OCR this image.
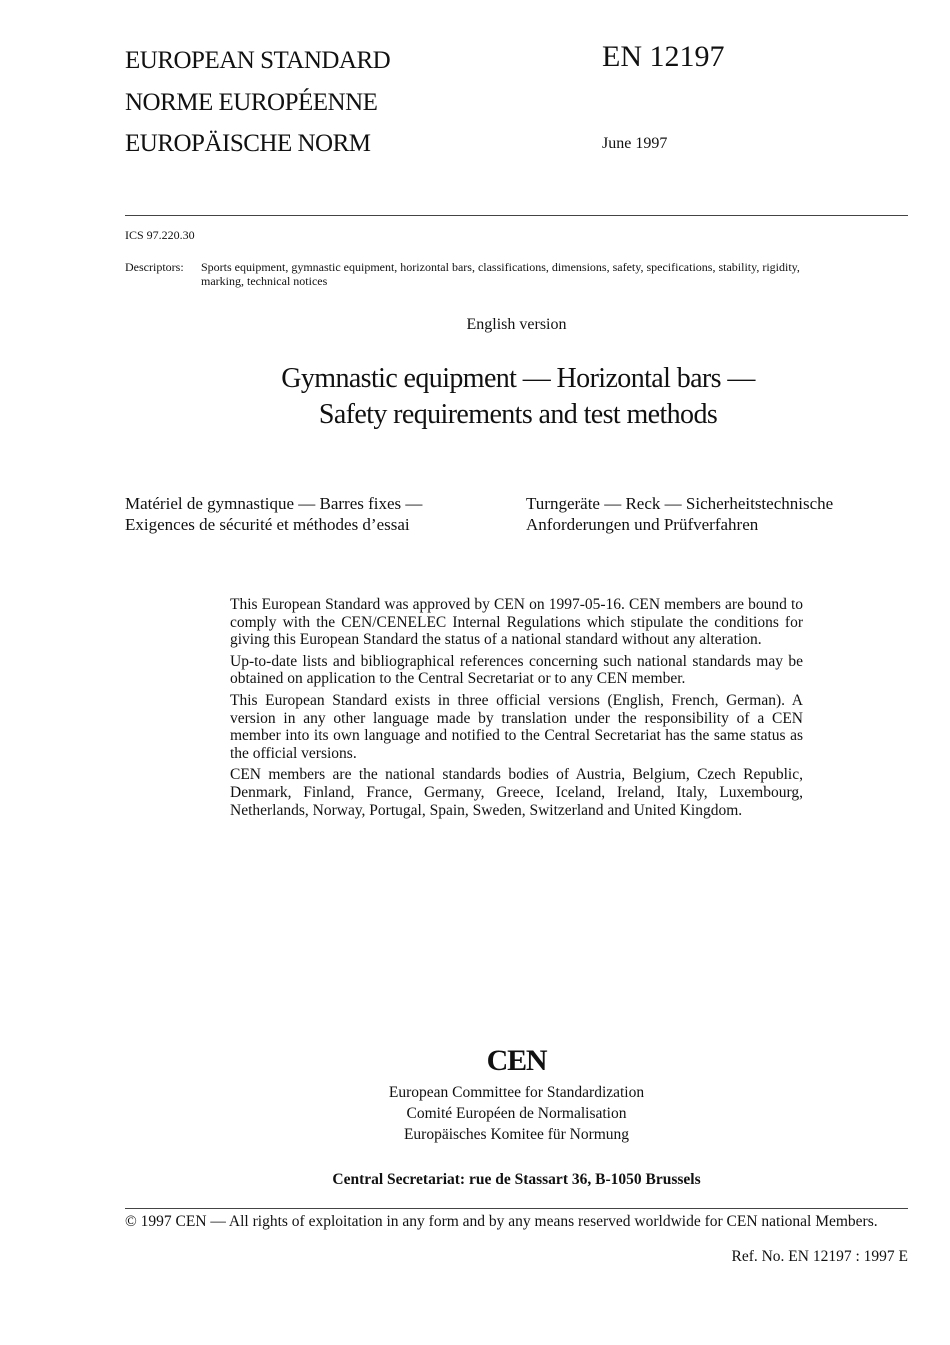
EUROPEAN STANDARD
NORME EUROPÉENNE
EUROPÄISCHE NORM
EN 12197
June 1997
ICS 97.220.30
Descriptors: Sports equipment, gymnastic equipment, horizontal bars, classifications, dimensions, safety, specifications, stability, rigidity,
marking, technical notices
English version
Gymnastic equipment — Horizontal bars —
Safety requirements and test methods
Matériel de gymnastique — Barres fixes —
Exigences de sécurité et méthodes d’essai
Turngeräte — Reck — Sicherheitstechnische
Anforderungen und Prüfverfahren

This European Standard was approved by CEN on 1997-05-16. CEN members are bound to comply with the CEN/CENELEC Internal Regulations which stipulate the conditions for giving this European Standard the status of a national standard without any alteration.

Up-to-date lists and bibliographical references concerning such national standards may be obtained on application to the Central Secretariat or to any CEN member.

This European Standard exists in three official versions (English, French, German). A version in any other language made by translation under the responsibility of a CEN member into its own language and notified to the Central Secretariat has the same status as the official versions.

CEN members are the national standards bodies of Austria, Belgium, Czech Republic, Denmark, Finland, France, Germany, Greece, Iceland, Ireland, Italy, Luxembourg, Netherlands, Norway, Portugal, Spain, Sweden, Switzerland and United Kingdom.

CEN
European Committee for Standardization
Comité Européen de Normalisation
Europäisches Komitee für Normung
Central Secretariat: rue de Stassart 36, B-1050 Brussels
© 1997 CEN — All rights of exploitation in any form and by any means reserved worldwide for CEN national Members.
Ref. No. EN 12197 : 1997 E
